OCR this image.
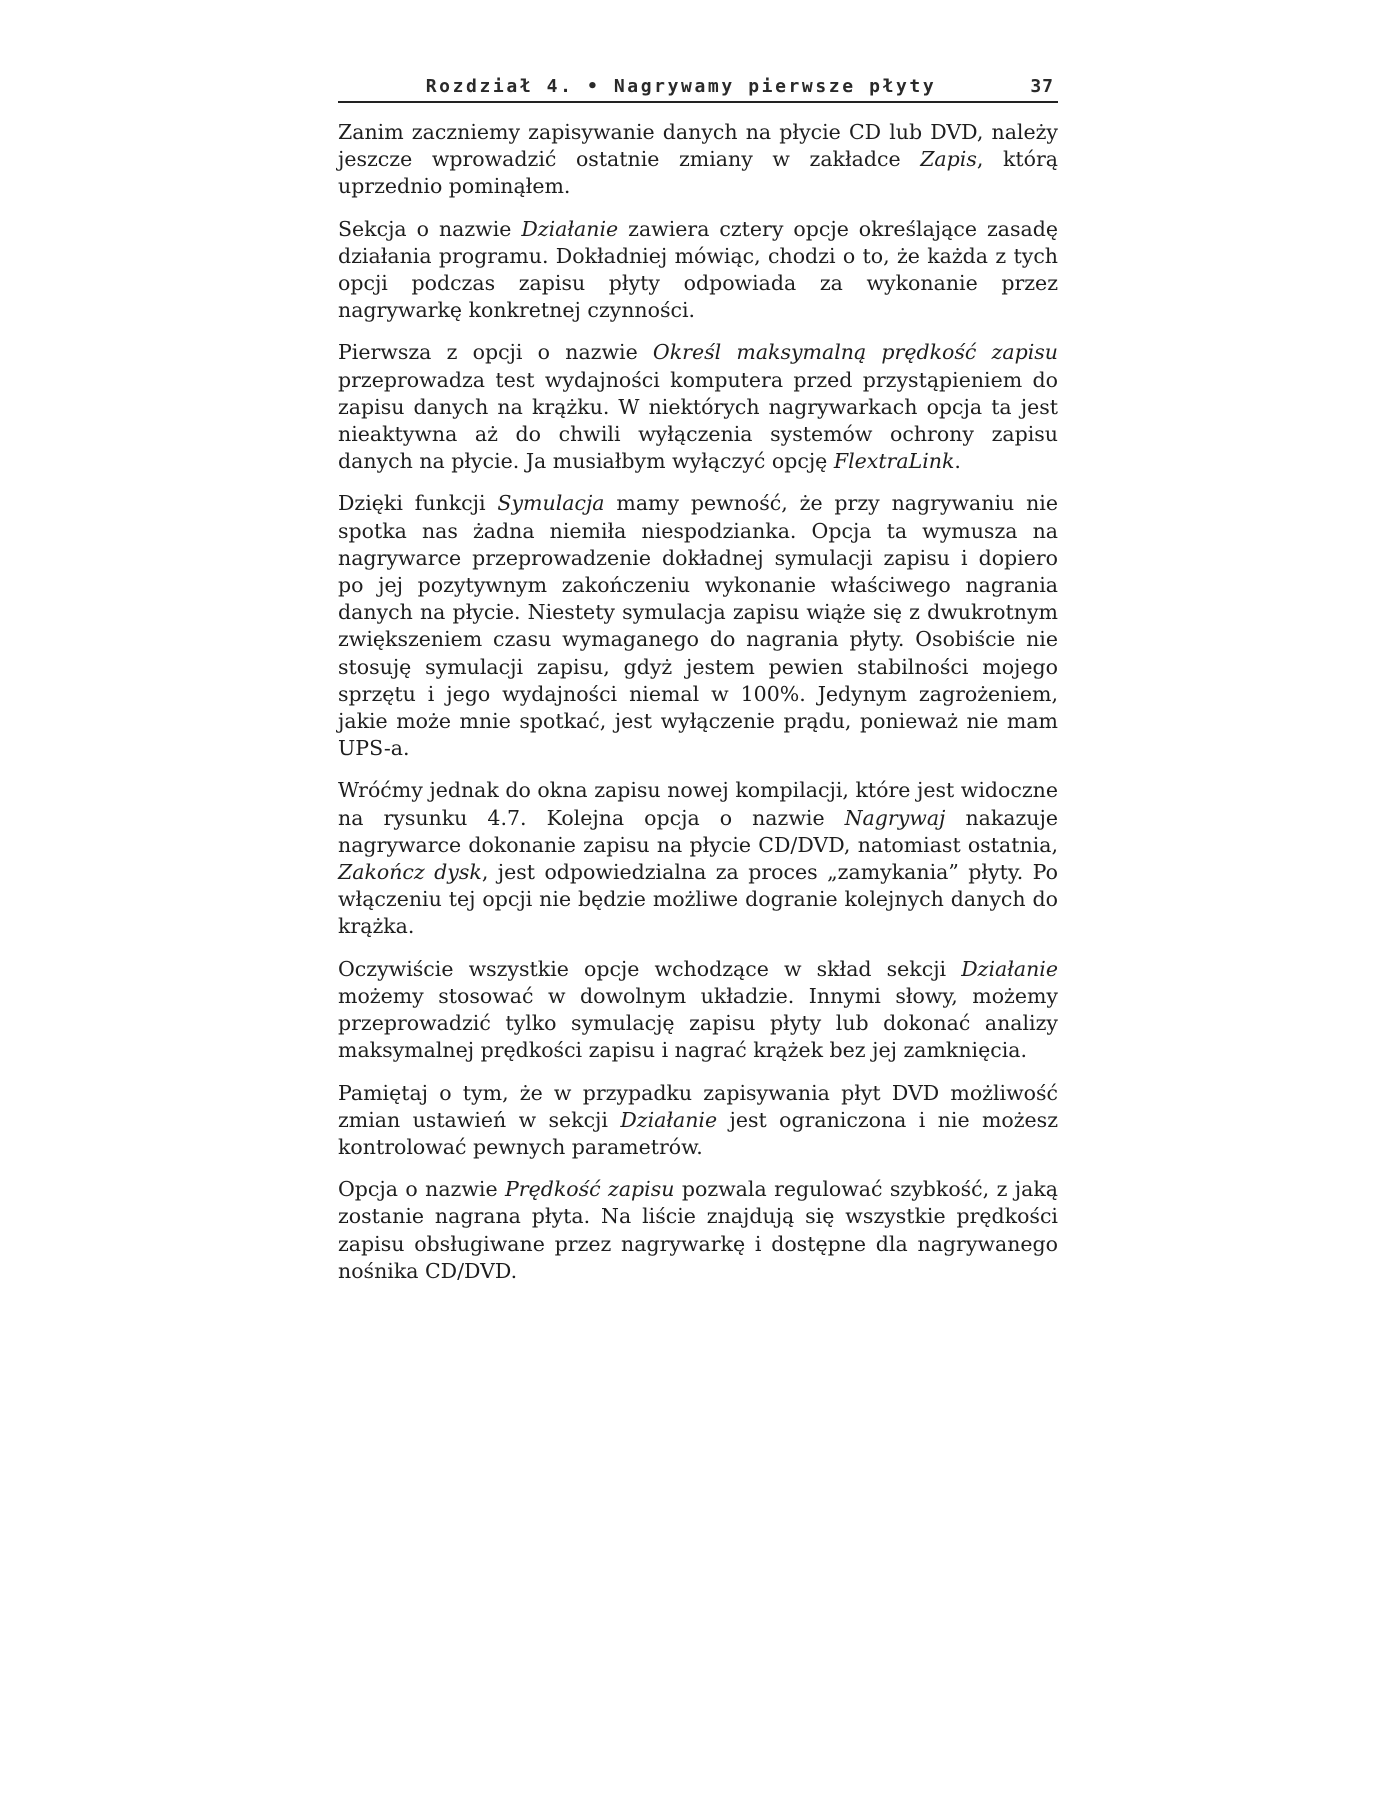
Rozdział 4. • Nagrywamy pierwsze płyty	37

Zanim zaczniemy zapisywanie danych na płycie CD lub DVD, należy jeszcze wprowadzić ostatnie zmiany w zakładce Zapis, którą uprzednio pominąłem.

Sekcja o nazwie Działanie zawiera cztery opcje określające zasadę działania programu. Dokładniej mówiąc, chodzi o to, że każda z tych opcji podczas zapisu płyty odpowiada za wykonanie przez nagrywarkę konkretnej czynności.

Pierwsza z opcji o nazwie Określ maksymalną prędkość zapisu przeprowadza test wydajności komputera przed przystąpieniem do zapisu danych na krążku. W niektórych nagrywarkach opcja ta jest nieaktywna aż do chwili wyłączenia systemów ochrony zapisu danych na płycie. Ja musiałbym wyłączyć opcję FlextraLink.

Dzięki funkcji Symulacja mamy pewność, że przy nagrywaniu nie spotka nas żadna niemiła niespodzianka. Opcja ta wymusza na nagrywarce przeprowadzenie dokładnej symulacji zapisu i dopiero po jej pozytywnym zakończeniu wykonanie właściwego nagrania danych na płycie. Niestety symulacja zapisu wiąże się z dwukrotnym zwiększeniem czasu wymaganego do nagrania płyty. Osobiście nie stosuję symulacji zapisu, gdyż jestem pewien stabilności mojego sprzętu i jego wydajności niemal w 100%. Jedynym zagrożeniem, jakie może mnie spotkać, jest wyłączenie prądu, ponieważ nie mam UPS-a.

Wróćmy jednak do okna zapisu nowej kompilacji, które jest widoczne na rysunku 4.7. Kolejna opcja o nazwie Nagrywaj nakazuje nagrywarce dokonanie zapisu na płycie CD/DVD, natomiast ostatnia, Zakończ dysk, jest odpowiedzialna za proces „zamykania” płyty. Po włączeniu tej opcji nie będzie możliwe dogranie kolejnych danych do krążka.

Oczywiście wszystkie opcje wchodzące w skład sekcji Działanie możemy stosować w dowolnym układzie. Innymi słowy, możemy przeprowadzić tylko symulację zapisu płyty lub dokonać analizy maksymalnej prędkości zapisu i nagrać krążek bez jej zamknięcia.

Pamiętaj o tym, że w przypadku zapisywania płyt DVD możliwość zmian ustawień w sekcji Działanie jest ograniczona i nie możesz kontrolować pewnych parametrów.

Opcja o nazwie Prędkość zapisu pozwala regulować szybkość, z jaką zostanie nagrana płyta. Na liście znajdują się wszystkie prędkości zapisu obsługiwane przez nagrywarkę i dostępne dla nagrywanego nośnika CD/DVD.
